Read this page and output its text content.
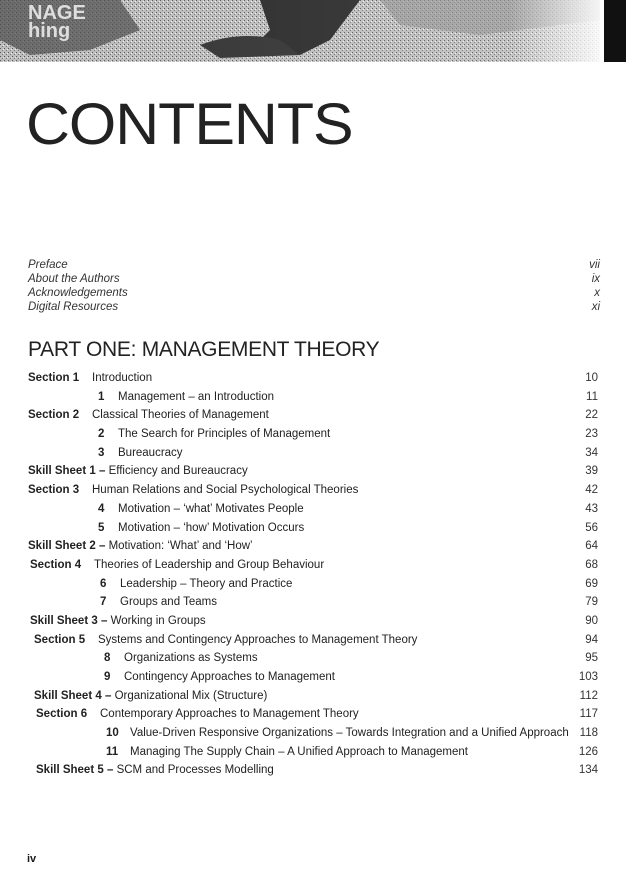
NAGE
hing
CONTENTS
Preface	vii
About the Authors	ix
Acknowledgements	x
Digital Resources	xi
PART ONE: MANAGEMENT THEORY
Section 1 Introduction	10
1 Management – an Introduction	11
Section 2 Classical Theories of Management	22
2 The Search for Principles of Management	23
3 Bureaucracy	34
Skill Sheet 1 – Efficiency and Bureaucracy	39
Section 3 Human Relations and Social Psychological Theories	42
4 Motivation – ‘what’ Motivates People	43
5 Motivation – ‘how’ Motivation Occurs	56
Skill Sheet 2 – Motivation: ‘What’ and ‘How’	64
Section 4 Theories of Leadership and Group Behaviour	68
6 Leadership – Theory and Practice	69
7 Groups and Teams	79
Skill Sheet 3 – Working in Groups	90
Section 5 Systems and Contingency Approaches to Management Theory	94
8 Organizations as Systems	95
9 Contingency Approaches to Management	103
Skill Sheet 4 – Organizational Mix (Structure)	112
Section 6 Contemporary Approaches to Management Theory	117
10 Value-Driven Responsive Organizations – Towards Integration and a Unified Approach 118
11 Managing The Supply Chain – A Unified Approach to Management	126
Skill Sheet 5 – SCM and Processes Modelling	134
iv
